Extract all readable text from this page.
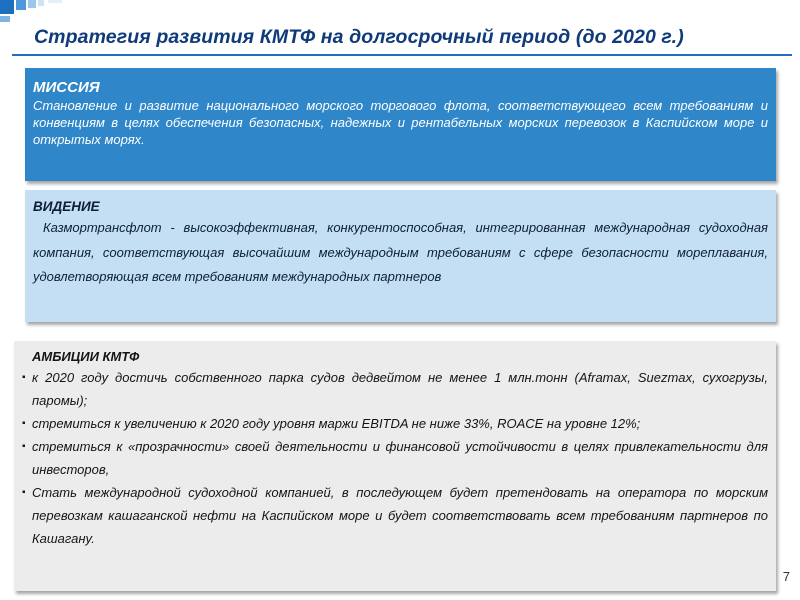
Стратегия развития КМТФ на долгосрочный период (до 2020 г.)

МИССИЯ

Становление и развитие национального морского торгового флота, соответствующего всем требованиям и конвенциям в целях обеспечения безопасных, надежных и рентабельных морских перевозок в Каспийском море и открытых морях.

ВИДЕНИЕ

Казмортрансфлот - высокоэффективная, конкурентоспособная, интегрированная международная судоходная компания, соответствующая высочайшим международным требованиям с сфере безопасности мореплавания, удовлетворяющая всем требованиям международных партнеров

АМБИЦИИ КМТФ

▪ к 2020 году достичь собственного парка судов дедвейтом не менее 1 млн.тонн (Aframax, Suezmax, сухогрузы, паромы);
▪ стремиться к увеличению к 2020 году уровня маржи EBITDA не ниже 33%, ROACE на уровне 12%;
▪ стремиться к «прозрачности» своей деятельности и финансовой устойчивости в целях привлекательности для инвесторов,
▪ Стать международной судоходной компанией, в последующем будет претендовать на оператора по морским перевозкам кашаганской нефти на Каспийском море и будет соответствовать всем требованиям партнеров по Кашагану.
7
